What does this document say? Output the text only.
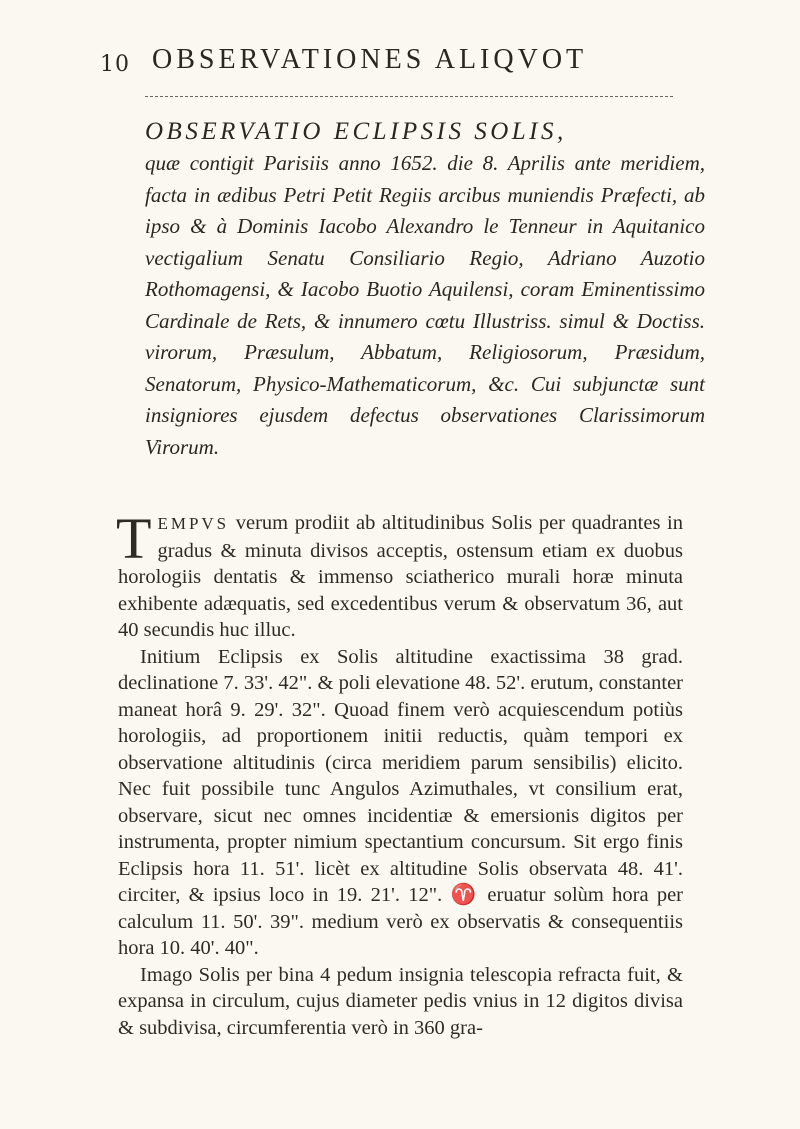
10 OBSERVATIONES ALIQVOT
OBSERVATIO ECLIPSIS SOLIS,

quæ contigit Parisiis anno 1652. die 8. Aprilis ante meridiem, facta in ædibus Petri Petit Regiis arcibus muniendis Præfecti, ab ipso & à Dominis Iacobo Alexandro le Tenneur in Aquitanico vectigalium Senatu Consiliario Regio, Adriano Auzotio Rothomagensi, & Iacobo Buotio Aquilensi, coram Eminentissimo Cardinale de Rets, & innumero cœtu Illustriss. simul & Doctiss. virorum, Præsulum, Abbatum, Religiosorum, Præsidum, Senatorum, Physico-Mathematicorum, &c. Cui subjunctæ sunt insigniores ejusdem defectus observationes Clarissimorum Virorum.

TEMPVS verum prodiit ab altitudinibus Solis per quadrantes in gradus & minuta divisos acceptis, ostensum etiam ex duobus horologiis dentatis & immenso sciatherico murali horæ minuta exhibente adæquatis, sed excedentibus verum & observatum 36, aut 40 secundis huc illuc.

Initium Eclipsis ex Solis altitudine exactissima 38 grad. declinatione 7. 33'. 42". & poli elevatione 48. 52'. erutum, constanter maneat horâ 9. 29'. 32". Quoad finem verò acquiescendum potiùs horologiis, ad proportionem initii reductis, quàm tempori ex observatione altitudinis (circa meridiem parum sensibilis) elicito. Nec fuit possibile tunc Angulos Azimuthales, vt consilium erat, observare, sicut nec omnes incidentiæ & emersionis digitos per instrumenta, propter nimium spectantium concursum. Sit ergo finis Eclipsis hora 11. 51'. licèt ex altitudine Solis observata 48. 41'. circiter, & ipsius loco in 19. 21'. 12". ♈ eruatur solùm hora per calculum 11. 50'. 39". medium verò ex observatis & consequentiis hora 10. 40'. 40".

Imago Solis per bina 4 pedum insignia telescopia refracta fuit, & expansa in circulum, cujus diameter pedis vnius in 12 digitos divisa & subdivisa, circumferentia verò in 360 gra-
